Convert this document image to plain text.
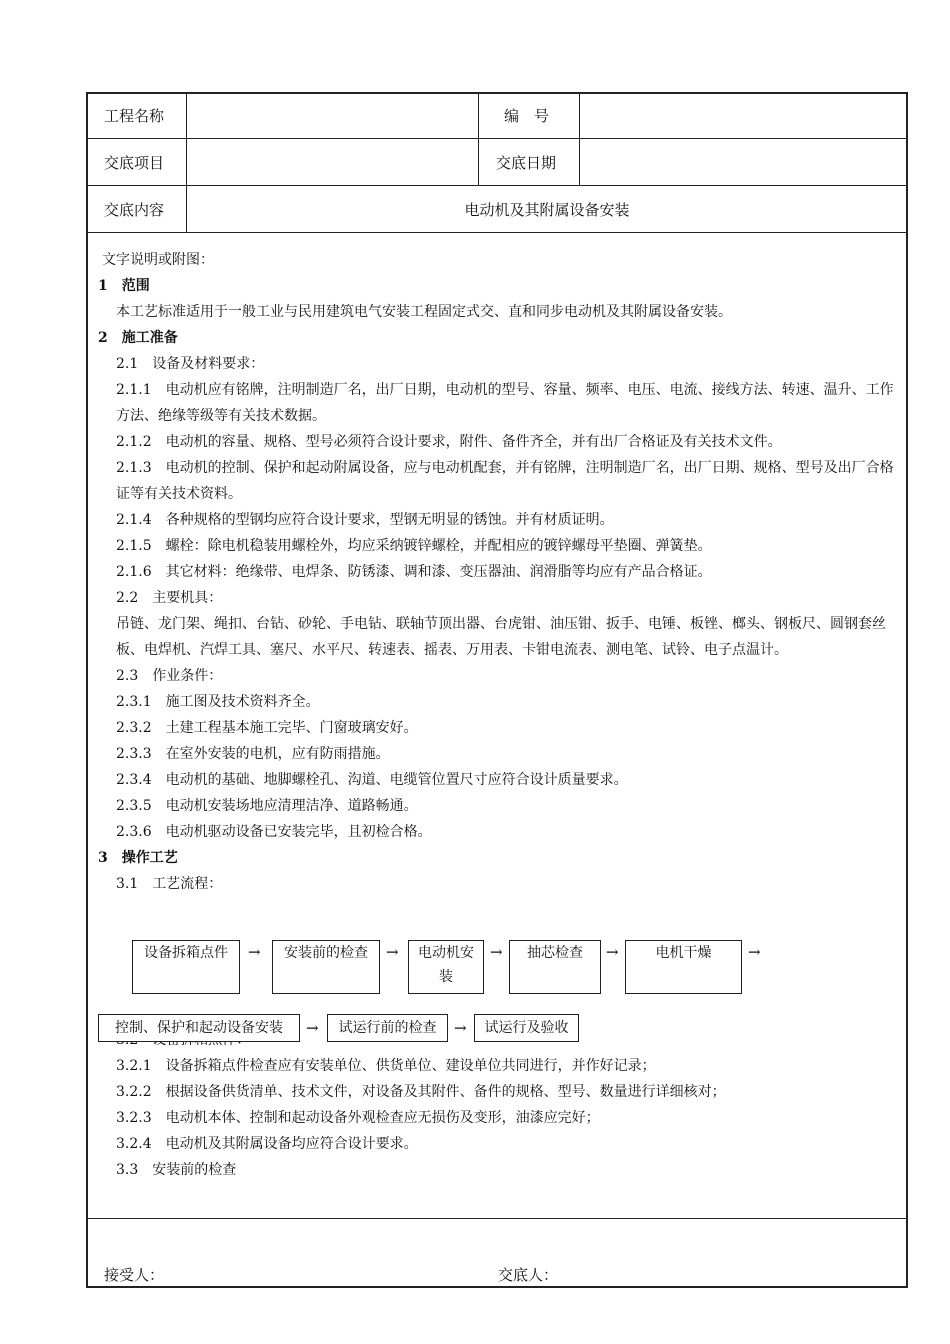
工程名称	编　号
交底项目	交底日期
交底内容	电动机及其附属设备安装
文字说明或附图：
1　范围
本工艺标准适用于一般工业与民用建筑电气安装工程固定式交、直和同步电动机及其附属设备安装。
2　施工准备
2.1　设备及材料要求：
2.1.1　电动机应有铭牌，注明制造厂名，出厂日期，电动机的型号、容量、频率、电压、电流、接线方法、转速、温升、工作方法、绝缘等级等有关技术数据。
2.1.2　电动机的容量、规格、型号必须符合设计要求，附件、备件齐全，并有出厂合格证及有关技术文件。
2.1.3　电动机的控制、保护和起动附属设备，应与电动机配套，并有铭牌，注明制造厂名，出厂日期、规格、型号及出厂合格证等有关技术资料。
2.1.4　各种规格的型钢均应符合设计要求，型钢无明显的锈蚀。并有材质证明。
2.1.5　螺栓：除电机稳装用螺栓外，均应采纳镀锌螺栓，并配相应的镀锌螺母平垫圈、弹簧垫。
2.1.6　其它材料：绝缘带、电焊条、防锈漆、调和漆、变压器油、润滑脂等均应有产品合格证。
2.2　主要机具：
吊链、龙门架、绳扣、台钻、砂轮、手电钻、联轴节顶出器、台虎钳、油压钳、扳手、电锤、板锉、榔头、钢板尺、圆钢套丝板、电焊机、汽焊工具、塞尺、水平尺、转速表、摇表、万用表、卡钳电流表、测电笔、试铃、电子点温计。
2.3　作业条件：
2.3.1　施工图及技术资料齐全。
2.3.2　土建工程基本施工完毕、门窗玻璃安好。
2.3.3　在室外安装的电机，应有防雨措施。
2.3.4　电动机的基础、地脚螺栓孔、沟道、电缆管位置尺寸应符合设计质量要求。
2.3.5　电动机安装场地应清理洁净、道路畅通。
2.3.6　电动机驱动设备已安装完毕，且初检合格。
3　操作工艺
3.1　工艺流程：
3.2.1　设备拆箱点件检查应有安装单位、供货单位、建设单位共同进行，并作好记录；
3.2.2　根据设备供货清单、技术文件，对设备及其附件、备件的规格、型号、数量进行详细核对；
3.2.3　电动机本体、控制和起动设备外观检查应无损伤及变形，油漆应完好；
3.2.4　电动机及其附属设备均应符合设计要求。
3.3　安装前的检查
设备拆箱点件	→	安装前的检查	→	电动机安装
→	抽芯检查	→	电机干燥	→
控制、保护和起动设备安装	→	试运行前的检查	→	试运行及验收
接受人：	交底人：
